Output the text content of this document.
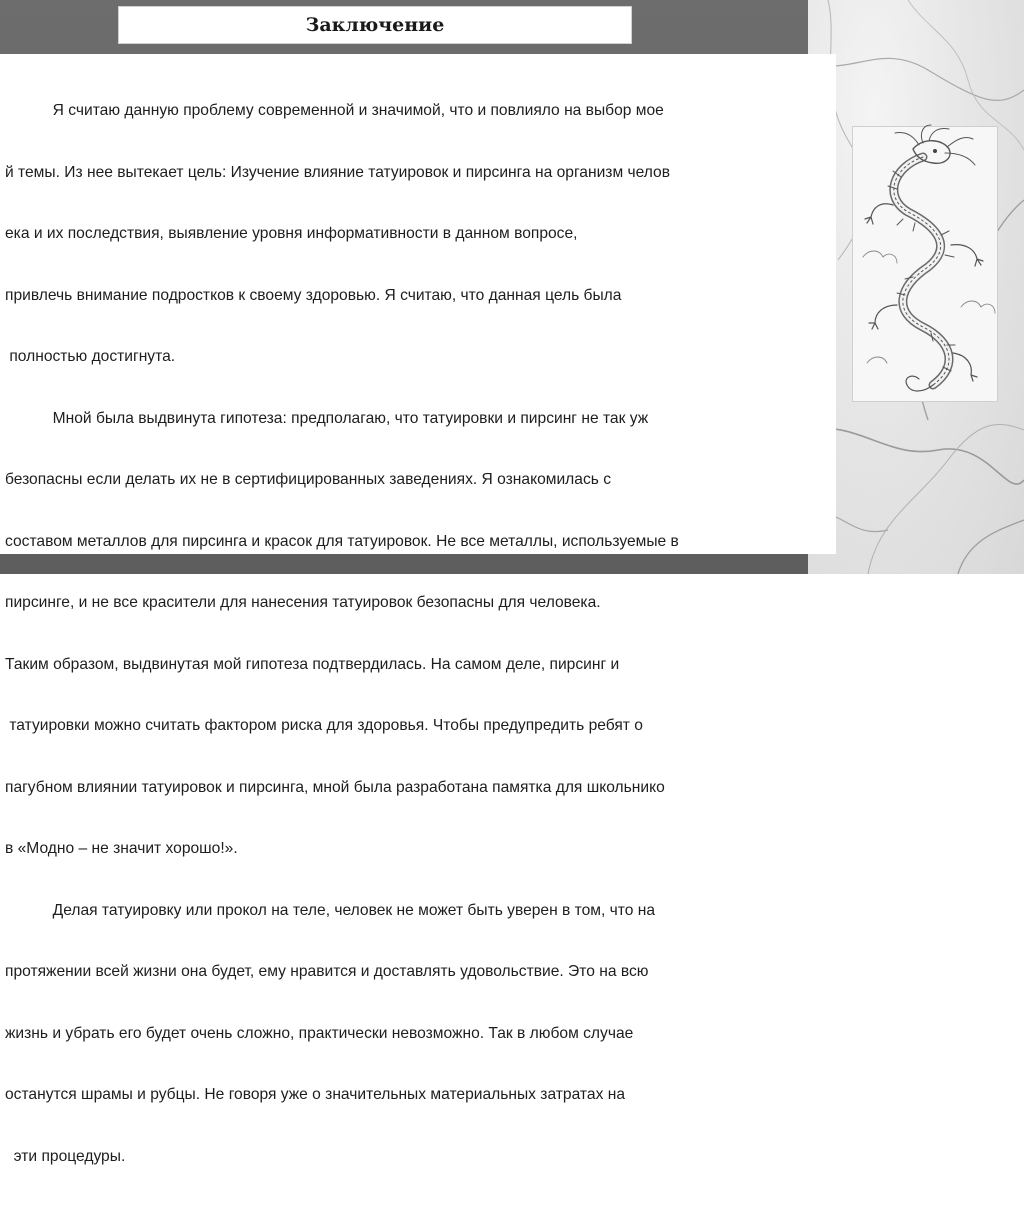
Заключение

Я считаю данную проблему современной и значимой, что и повлияло на выбор мое

й темы. Из нее вытекает цель: Изучение влияние татуировок и пирсинга на организм челов

ека и их последствия, выявление уровня информативности в данном вопросе,

привлечь внимание подростков к своему здоровью. Я считаю, что данная цель была

полностью достигнута.

Мной была выдвинута гипотеза: предполагаю, что татуировки и пирсинг не так уж

безопасны если делать их не в сертифицированных заведениях. Я ознакомилась с

составом металлов для пирсинга и красок для татуировок. Не все металлы, используемые в

пирсинге, и не все красители для нанесения татуировок безопасны для человека.

Таким образом, выдвинутая мой гипотеза подтвердилась. На самом деле, пирсинг и

татуировки можно считать фактором риска для здоровья. Чтобы предупредить ребят о

пагубном влиянии татуировок и пирсинга, мной была разработана памятка для школьнико

в «Модно – не значит хорошо!».

Делая татуировку или прокол на теле, человек не может быть уверен в том, что на

протяжении всей жизни она будет, ему нравится и доставлять удовольствие. Это на всю

жизнь и убрать его будет очень сложно, практически невозможно. Так в любом случае

останутся шрамы и рубцы. Не говоря уже о значительных материальных затратах на

эти процедуры.
